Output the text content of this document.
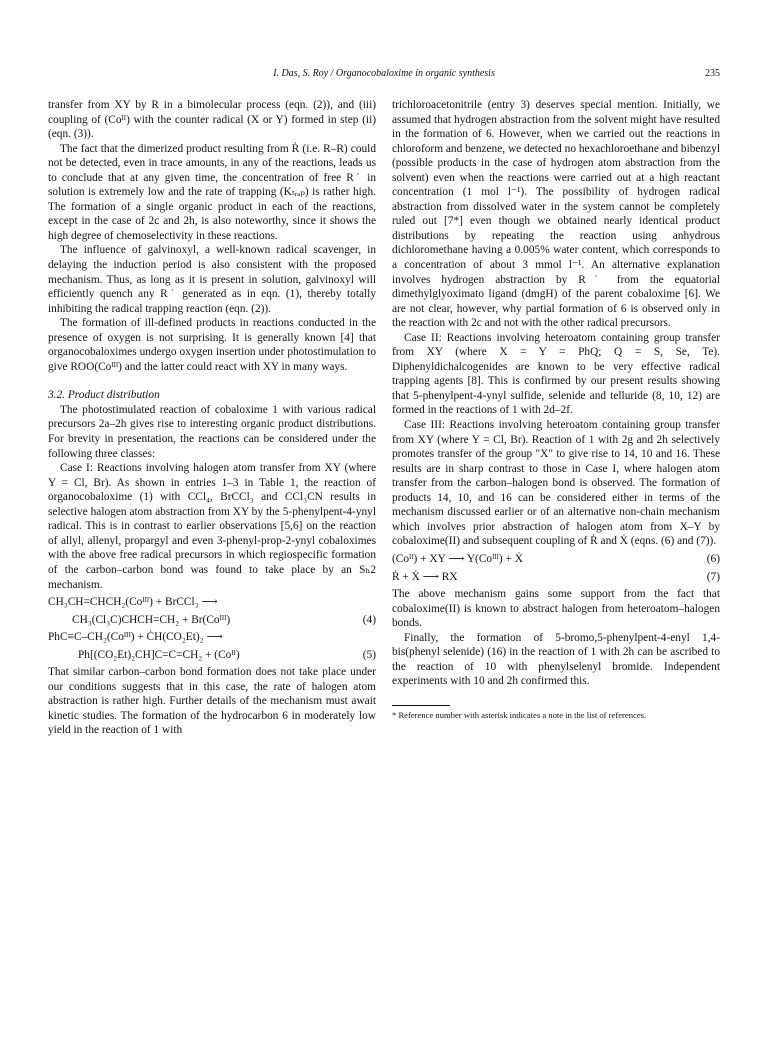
I. Das, S. Roy / Organocobaloxime in organic synthesis	235

transfer from XY by R in a bimolecular process (eqn. (2)), and (iii) coupling of (Coᴵᴵ) with the counter radical (X or Y) formed in step (ii) (eqn. (3)).

The fact that the dimerized product resulting from Ṙ (i.e. R–R) could not be detected, even in trace amounts, in any of the reactions, leads us to conclude that at any given time, the concentration of free R˙ in solution is extremely low and the rate of trapping (Kₜᵣₐₚ) is rather high. The formation of a single organic product in each of the reactions, except in the case of 2c and 2h, is also noteworthy, since it shows the high degree of chemoselectivity in these reactions.

The influence of galvinoxyl, a well-known radical scavenger, in delaying the induction period is also consistent with the proposed mechanism. Thus, as long as it is present in solution, galvinoxyl will efficiently quench any R˙ generated as in eqn. (1), thereby totally inhibiting the radical trapping reaction (eqn. (2)).

The formation of ill-defined products in reactions conducted in the presence of oxygen is not surprising. It is generally known [4] that organocobaloximes undergo oxygen insertion under photostimulation to give ROO(Coᴵᴵᴵ) and the latter could react with XY in many ways.

3.2. Product distribution

The photostimulated reaction of cobaloxime 1 with various radical precursors 2a–2h gives rise to interesting organic product distributions. For brevity in presentation, the reactions can be considered under the following three classes:

Case I: Reactions involving halogen atom transfer from XY (where Y = Cl, Br). As shown in entries 1–3 in Table 1, the reaction of organocobaloxime (1) with CCl₄, BrCCl₃ and CCl₃CN results in selective halogen atom abstraction from XY by the 5-phenylpent-4-ynyl radical. This is in contrast to earlier observations [5,6] on the reaction of allyl, allenyl, propargyl and even 3-phenyl-prop-2-ynyl cobaloximes with the above free radical precursors in which regiospecific formation of the carbon–carbon bond was found to take place by an Sₕ2 mechanism.

CH₃CH=CHCH₂(Coᴵᴵᴵ) + BrCCl₃ ⟶
CH₃(Cl₃C)CHCH=CH₂ + Br(Coᴵᴵᴵ)	(4)
PhC≡C–CH₂(Coᴵᴵᴵ) + ĊH(CO₂Et)₂ ⟶
Ph[(CO₂Et)₂CH]C=C=CH₂ + (Coᴵᴵ)	(5)

That similar carbon–carbon bond formation does not take place under our conditions suggests that in this case, the rate of halogen atom abstraction is rather high. Further details of the mechanism must await kinetic studies. The formation of the hydrocarbon 6 in moderately low yield in the reaction of 1 with

trichloroacetonitrile (entry 3) deserves special mention. Initially, we assumed that hydrogen abstraction from the solvent might have resulted in the formation of 6. However, when we carried out the reactions in chloroform and benzene, we detected no hexachloroethane and bibenzyl (possible products in the case of hydrogen atom abstraction from the solvent) even when the reactions were carried out at a high reactant concentration (1 mol l⁻¹). The possibility of hydrogen radical abstraction from dissolved water in the system cannot be completely ruled out [7*] even though we obtained nearly identical product distributions by repeating the reaction using anhydrous dichloromethane having a 0.005% water content, which corresponds to a concentration of about 3 mmol l⁻¹. An alternative explanation involves hydrogen abstraction by R˙ from the equatorial dimethylglyoximato ligand (dmgH) of the parent cobaloxime [6]. We are not clear, however, why partial formation of 6 is observed only in the reaction with 2c and not with the other radical precursors.

Case II: Reactions involving heteroatom containing group transfer from XY (where X = Y = PhQ; Q = S, Se, Te). Diphenyldichalcogenides are known to be very effective radical trapping agents [8]. This is confirmed by our present results showing that 5-phenylpent-4-ynyl sulfide, selenide and telluride (8, 10, 12) are formed in the reactions of 1 with 2d–2f.

Case III: Reactions involving heteroatom containing group transfer from XY (where Y = Cl, Br). Reaction of 1 with 2g and 2h selectively promotes transfer of the group "X" to give rise to 14, 10 and 16. These results are in sharp contrast to those in Case I, where halogen atom transfer from the carbon–halogen bond is observed. The formation of products 14, 10, and 16 can be considered either in terms of the mechanism discussed earlier or of an alternative non-chain mechanism which involves prior abstraction of halogen atom from X–Y by cobaloxime(II) and subsequent coupling of Ṙ and Ẋ (eqns. (6) and (7)).

(Coᴵᴵ) + XY ⟶ Y(Coᴵᴵᴵ) + Ẋ	(6)
Ṙ + Ẋ ⟶ RX	(7)

The above mechanism gains some support from the fact that cobaloxime(II) is known to abstract halogen from heteroatom–halogen bonds.

Finally, the formation of 5-bromo,5-phenylpent-4-enyl 1,4-bis(phenyl selenide) (16) in the reaction of 1 with 2h can be ascribed to the reaction of 10 with phenylselenyl bromide. Independent experiments with 10 and 2h confirmed this.

* Reference number with asterisk indicates a note in the list of references.
